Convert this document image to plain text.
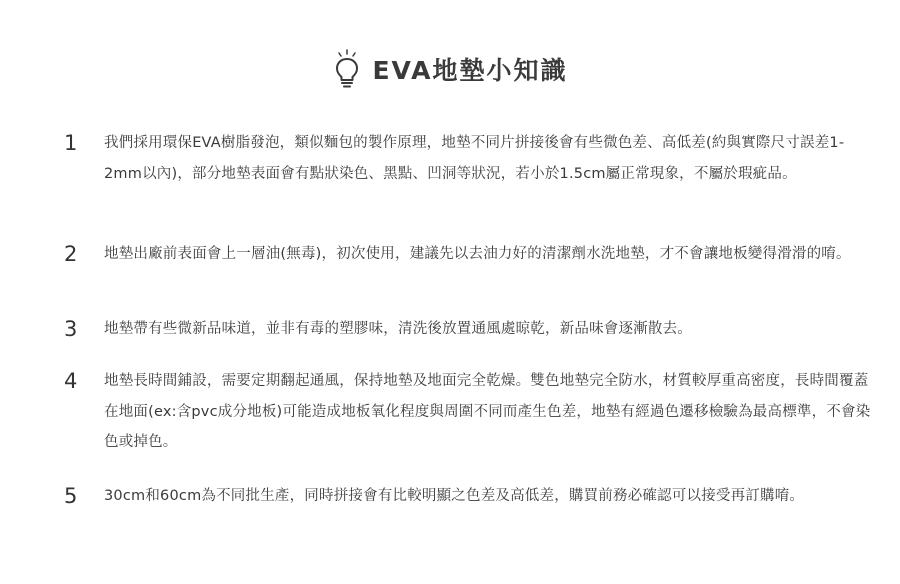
EVA地墊小知識
1	我們採用環保EVA樹脂發泡，類似麵包的製作原理，地墊不同片拼接後會有些微色差、高低差(約與實際尺寸誤差1-2mm以內)，部分地墊表面會有點狀染色、黑點、凹洞等狀況，若小於1.5cm屬正常現象，不屬於瑕疵品。

2	地墊出廠前表面會上一層油(無毒)，初次使用，建議先以去油力好的清潔劑水洗地墊，才不會讓地板變得滑滑的唷。

3	地墊帶有些微新品味道，並非有毒的塑膠味，清洗後放置通風處晾乾，新品味會逐漸散去。

4	地墊長時間鋪設，需要定期翻起通風，保持地墊及地面完全乾燥。雙色地墊完全防水，材質較厚重高密度，長時間覆蓋在地面(ex:含pvc成分地板)可能造成地板氧化程度與周圍不同而產生色差，地墊有經過色遷移檢驗為最高標準，不會染色或掉色。

5	30cm和60cm為不同批生產，同時拼接會有比較明顯之色差及高低差，購買前務必確認可以接受再訂購唷。
